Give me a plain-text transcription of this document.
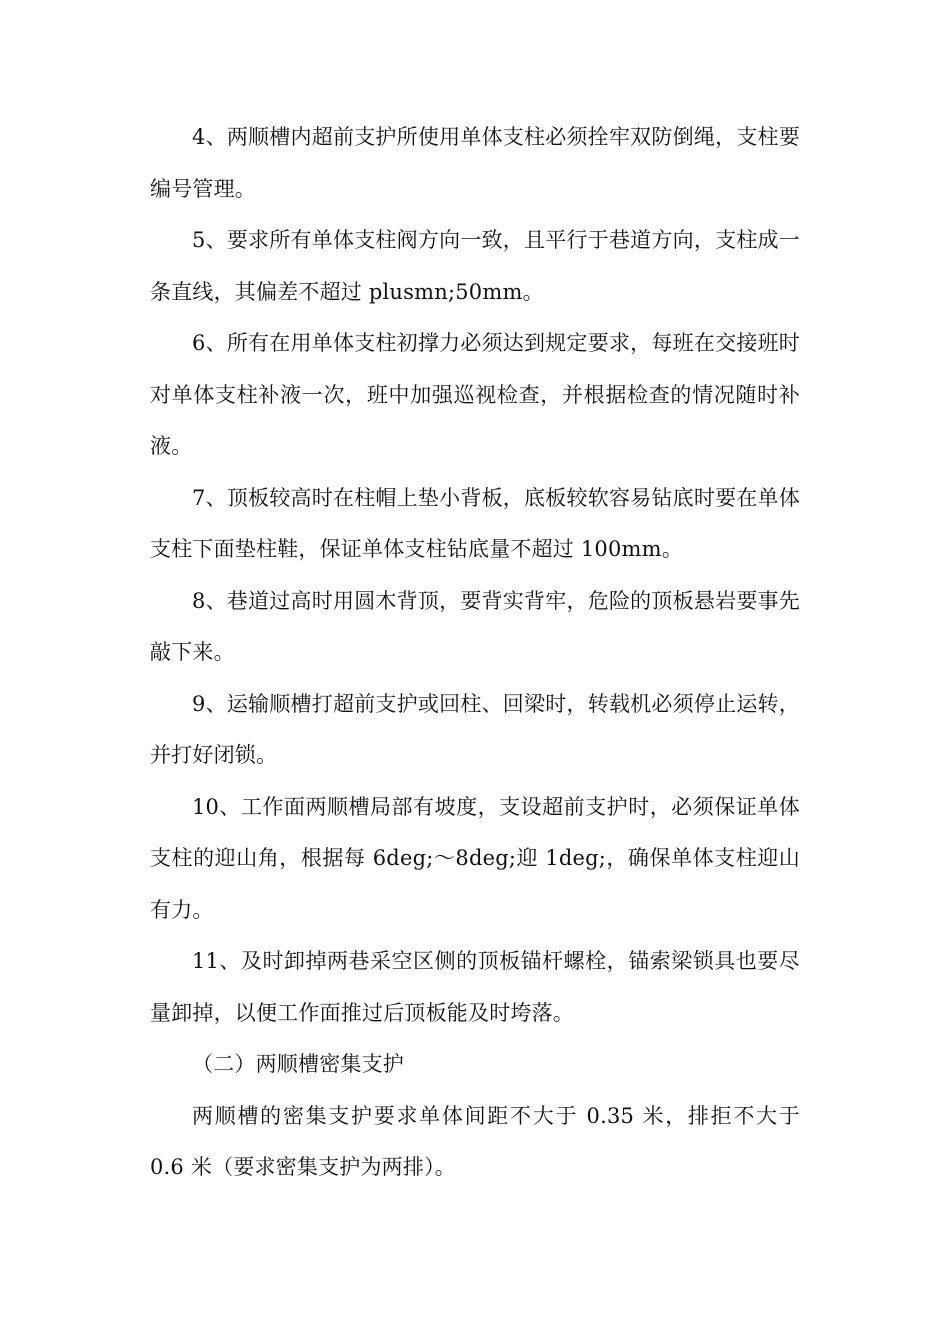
4、两顺槽内超前支护所使用单体支柱必须拴牢双防倒绳，支柱要编号管理。

5、要求所有单体支柱阀方向一致，且平行于巷道方向，支柱成一条直线，其偏差不超过 plusmn;50mm。

6、所有在用单体支柱初撑力必须达到规定要求，每班在交接班时对单体支柱补液一次，班中加强巡视检查，并根据检查的情况随时补液。

7、顶板较高时在柱帽上垫小背板，底板较软容易钻底时要在单体支柱下面垫柱鞋，保证单体支柱钻底量不超过 100mm。

8、巷道过高时用圆木背顶，要背实背牢，危险的顶板悬岩要事先敲下来。

9、运输顺槽打超前支护或回柱、回梁时，转载机必须停止运转，并打好闭锁。

10、工作面两顺槽局部有坡度，支设超前支护时，必须保证单体支柱的迎山角，根据每 6deg;～8deg;迎 1deg;，确保单体支柱迎山有力。

11、及时卸掉两巷采空区侧的顶板锚杆螺栓，锚索梁锁具也要尽量卸掉，以便工作面推过后顶板能及时垮落。

（二）两顺槽密集支护

两顺槽的密集支护要求单体间距不大于 0.35 米，排拒不大于 0.6 米（要求密集支护为两排）。
